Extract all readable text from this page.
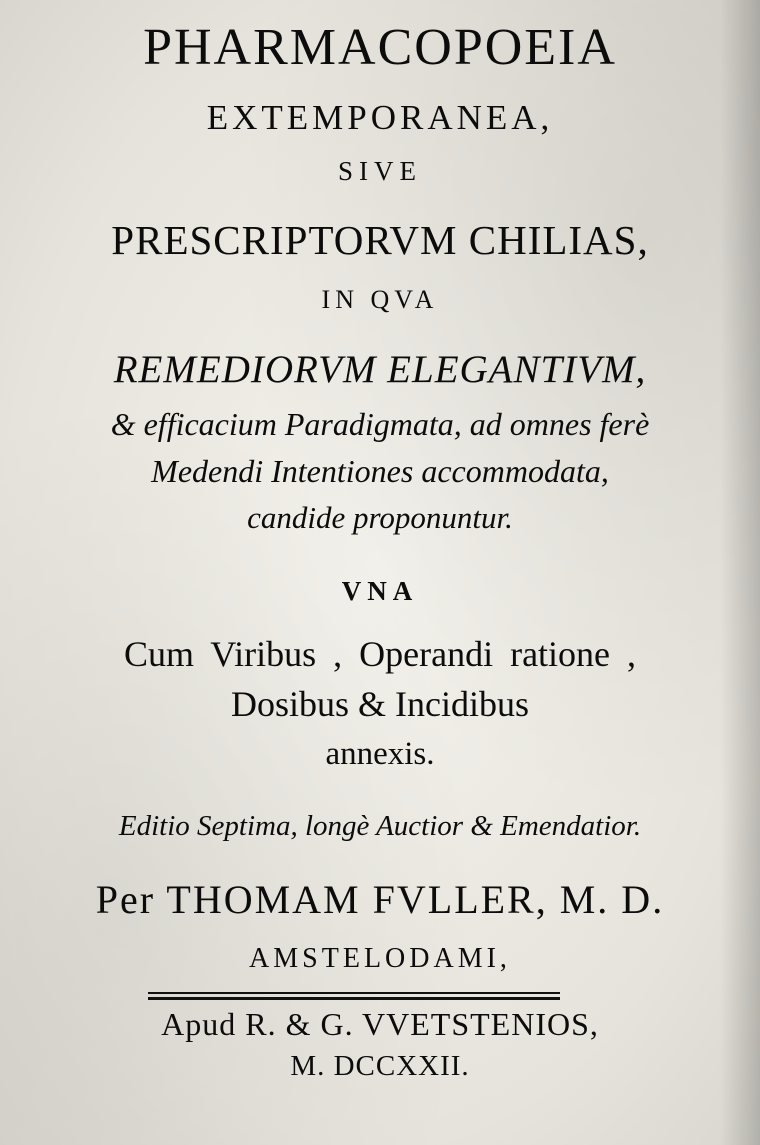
PHARMACOPOEIA
EXTEMPORANEA,
SIVE
PRESCRIPTORVM CHILIAS,
IN QVA
REMEDIORVM ELEGANTIVM,
& efficacium Paradigmata, ad omnes ferè
Medendi Intentiones accommodata,
candide proponuntur.
VNA
Cum Viribus , Operandi ratione ,
Dosibus & Incidibus
annexis.
Editio Septima, longè Auctior & Emendatior.
Per THOMAM FVLLER, M. D.
AMSTELODAMI,
Apud R. & G. VVETSTENIOS,
M. DCCXXII.
